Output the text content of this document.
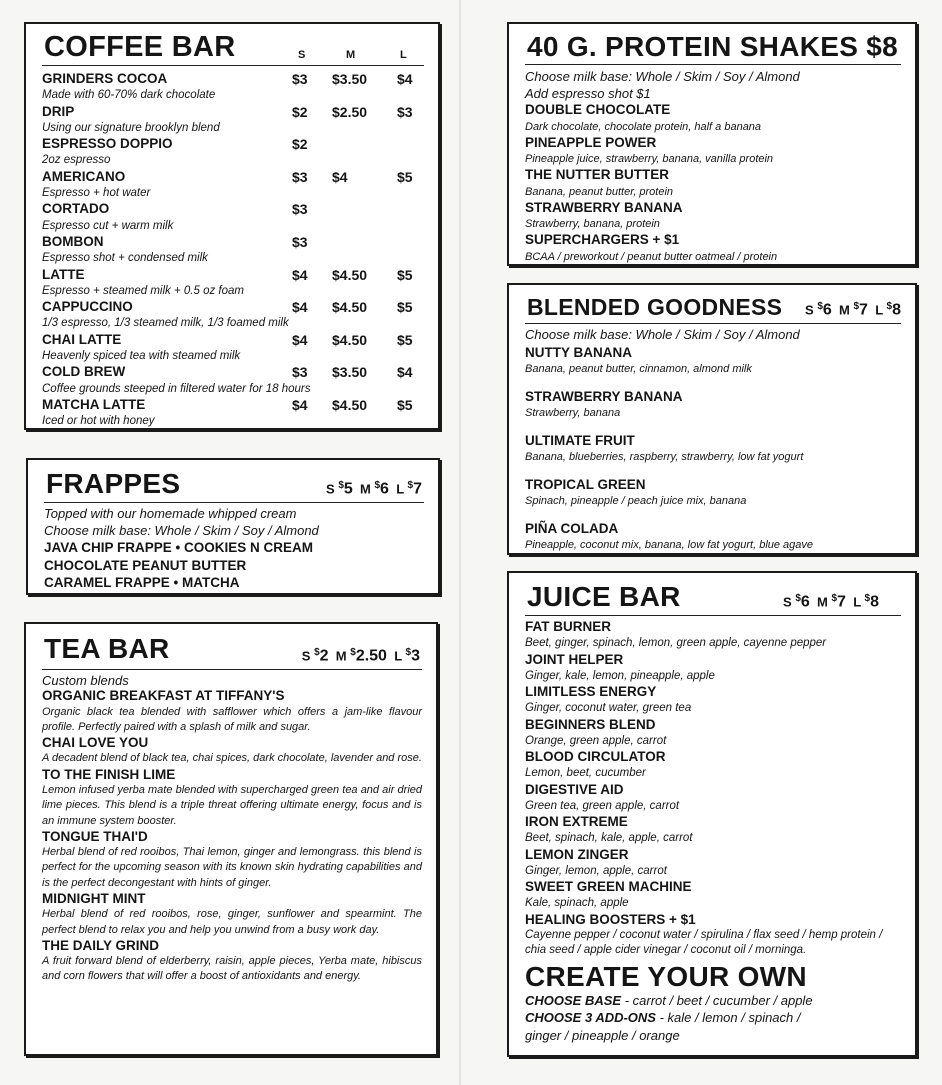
COFFEE BAR	S	M	L
GRINDERS COCOA	$3 $3.50 $4
Made with 60-70% dark chocolate
DRIP	$2 $2.50 $3
Using our signature brooklyn blend
ESPRESSO DOPPIO	$2
2oz espresso
AMERICANO	$3 $4	$5
Espresso + hot water
CORTADO	$3
Espresso cut + warm milk
BOMBON	$3
Espresso shot + condensed milk
LATTE	$4 $4.50 $5
Espresso + steamed milk + 0.5 oz foam
CAPPUCCINO	$4 $4.50 $5
1/3 espresso, 1/3 steamed milk, 1/3 foamed milk
CHAI LATTE	$4 $4.50 $5
Heavenly spiced tea with steamed milk
COLD BREW	$3 $3.50 $4
Coffee grounds steeped in filtered water for 18 hours
MATCHA LATTE	$4 $4.50 $5
Iced or hot with honey
FRAPPES	S $5 M $6 L $7
Topped with our homemade whipped cream
Choose milk base: Whole / Skim / Soy / Almond
JAVA CHIP FRAPPE • COOKIES N CREAM
CHOCOLATE PEANUT BUTTER
CARAMEL FRAPPE • MATCHA
TEA BAR	S $2 M $2.50 L $3
Custom blends
ORGANIC BREAKFAST AT TIFFANY'S
Organic black tea blended with safflower which offers a jam-like flavour profile. Perfectly paired with a splash of milk and sugar.
CHAI LOVE YOU
A decadent blend of black tea, chai spices, dark chocolate, lavender and rose.
TO THE FINISH LIME
Lemon infused yerba mate blended with supercharged green tea and air dried lime pieces. This blend is a triple threat offering ultimate energy, focus and is an immune system booster.
TONGUE THAI'D
Herbal blend of red rooibos, Thai lemon, ginger and lemongrass. this blend is perfect for the upcoming season with its known skin hydrating capabilities and is the perfect decongestant with hints of ginger.
MIDNIGHT MINT
Herbal blend of red rooibos, rose, ginger, sunflower and spearmint. The perfect blend to relax you and help you unwind from a busy work day.
THE DAILY GRIND
A fruit forward blend of elderberry, raisin, apple pieces, Yerba mate, hibiscus and corn flowers that will offer a boost of antioxidants and energy.
40 G. PROTEIN SHAKES $8
Choose milk base: Whole / Skim / Soy / Almond
Add espresso shot $1
DOUBLE CHOCOLATE
Dark chocolate, chocolate protein, half a banana
PINEAPPLE POWER
Pineapple juice, strawberry, banana, vanilla protein
THE NUTTER BUTTER
Banana, peanut butter, protein
STRAWBERRY BANANA
Strawberry, banana, protein
SUPERCHARGERS + $1
BCAA / preworkout / peanut butter oatmeal / protein
BLENDED GOODNESS S $6 M $7 L $8
Choose milk base: Whole / Skim / Soy / Almond
NUTTY BANANA
Banana, peanut butter, cinnamon, almond milk
STRAWBERRY BANANA
Strawberry, banana
ULTIMATE FRUIT
Banana, blueberries, raspberry, strawberry, low fat yogurt
TROPICAL GREEN
Spinach, pineapple / peach juice mix, banana
PIÑA COLADA
Pineapple, coconut mix, banana, low fat yogurt, blue agave
JUICE BAR	S $6 M $7 L $8
FAT BURNER
Beet, ginger, spinach, lemon, green apple, cayenne pepper
JOINT HELPER
Ginger, kale, lemon, pineapple, apple
LIMITLESS ENERGY
Ginger, coconut water, green tea
BEGINNERS BLEND
Orange, green apple, carrot
BLOOD CIRCULATOR
Lemon, beet, cucumber
DIGESTIVE AID
Green tea, green apple, carrot
IRON EXTREME
Beet, spinach, kale, apple, carrot
LEMON ZINGER
Ginger, lemon, apple, carrot
SWEET GREEN MACHINE
Kale, spinach, apple
HEALING BOOSTERS + $1
Cayenne pepper / coconut water / spirulina / flax seed / hemp protein / chia seed / apple cider vinegar / coconut oil / morninga.
CREATE YOUR OWN
CHOOSE BASE - carrot / beet / cucumber / apple
CHOOSE 3 ADD-ONS - kale / lemon / spinach /
ginger / pineapple / orange
